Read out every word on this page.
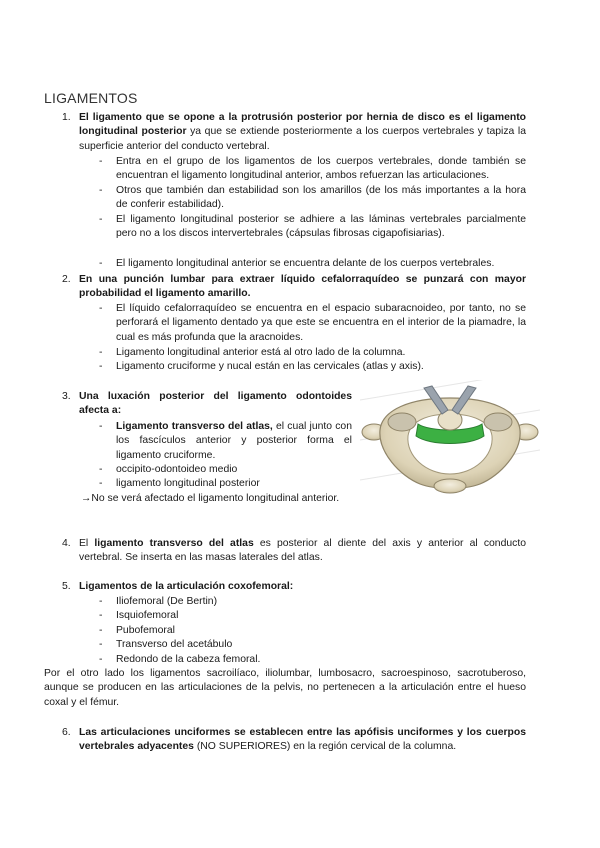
LIGAMENTOS
1. El ligamento que se opone a la protrusión posterior por hernia de disco es el ligamento longitudinal posterior ya que se extiende posteriormente a los cuerpos vertebrales y tapiza la superficie anterior del conducto vertebral.
- Entra en el grupo de los ligamentos de los cuerpos vertebrales, donde también se encuentran el ligamento longitudinal anterior, ambos refuerzan las articulaciones.
- Otros que también dan estabilidad son los amarillos (de los más importantes a la hora de conferir estabilidad).
- El ligamento longitudinal posterior se adhiere a las láminas vertebrales parcialmente pero no a los discos intervertebrales (cápsulas fibrosas cigapofisiarias).
- El ligamento longitudinal anterior se encuentra delante de los cuerpos vertebrales.
2. En una punción lumbar para extraer líquido cefalorraquídeo se punzará con mayor probabilidad el ligamento amarillo.
- El líquido cefalorraquídeo se encuentra en el espacio subaracnoideo, por tanto, no se perforará el ligamento dentado ya que este se encuentra en el interior de la piamadre, la cual es más profunda que la aracnoides.
- Ligamento longitudinal anterior está al otro lado de la columna.
- Ligamento cruciforme y nucal están en las cervicales (atlas y axis).
3. Una luxación posterior del ligamento odontoides afecta a:
- Ligamento transverso del atlas, el cual junto con los fascículos anterior y posterior forma el ligamento cruciforme.
- occipito-odontoideo medio
- ligamento longitudinal posterior
→No se verá afectado el ligamento longitudinal anterior.
4. El ligamento transverso del atlas es posterior al diente del axis y anterior al conducto vertebral. Se inserta en las masas laterales del atlas.
5. Ligamentos de la articulación coxofemoral:
- Iliofemoral (De Bertin)
- Isquiofemoral
- Pubofemoral
- Transverso del acetábulo
- Redondo de la cabeza femoral.
Por el otro lado los ligamentos sacroilíaco, iliolumbar, lumbosacro, sacroespinoso, sacrotuberoso, aunque se producen en las articulaciones de la pelvis, no pertenecen a la articulación entre el hueso coxal y el fémur.
6. Las articulaciones unciformes se establecen entre las apófisis unciformes y los cuerpos vertebrales adyacentes (NO SUPERIORES) en la región cervical de la columna.
